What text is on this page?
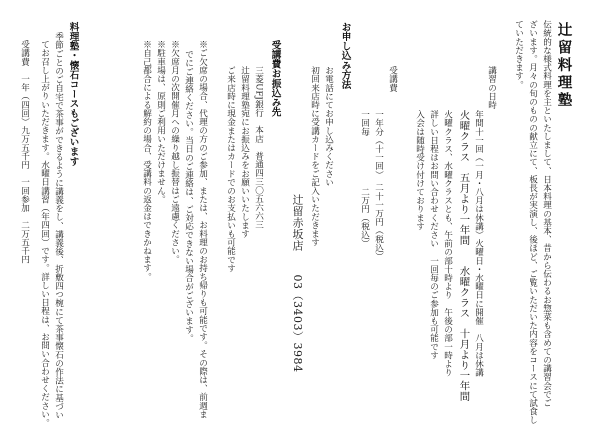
辻留料理塾
伝統的な様式料理を主といたしまして、日本料理の基本、昔から伝わるお惣菜も含めての講習会でご
ざいます。月々の旬のものの献立にて、板長が実演し、後ほど、ご覧いただいた内容をコースにて試食し
ていただきます。
講習の日時
年間十一回（一月・八月は休講）火曜日・水曜日に開催　八月は休講
火曜クラス　五月より一年間　　水曜クラス　十月より一年間
火曜クラス、水曜クラスとも、午前の部十時より　午後の部一時より
詳しい日程はお問い合わせください　一回毎のご参加も可能です
入会は随時受け付けております
受講費
一年分（十一回）　二十一万円（税込）
一回毎　　　　　　二万円（税込）
お申し込み方法
お電話にてお申し込みください
初回来店時に受講カードをご記入いただきます
辻留赤坂店　　03（3403）3984
受講費お振込み先
三菱UFJ銀行　本店　普通四三〇五六六三
辻留料理塾宛にお振込みをお願いいたします
ご来店時に現金またはカードでのお支払いも可能です
※ご欠席の場合、代理の方のご参加、または、お料理のお持ち帰りも可能です。その際は、前週ま
でにご連絡ください。当日のご連絡は、ご対応できない場合がございます。
※欠席月の次開催月への繰り越し振替はご遠慮ください。
※駐車場は、原則ご利用いただけません。
※自己都合による解約の場合、受講料の返金はできかねます。
料理塾・懐石コースもございます
季節ごとのご自宅で茶事ができるように講義をし、講義後、折敷四つ椀にて茶事懐石の作法に基づい
てお召し上がりいただきます。水曜日講習（年四回）です。詳しい日程は、お問い合わせください。
受講費　一年（四回）九万五千円　一回参加　二万五千円
